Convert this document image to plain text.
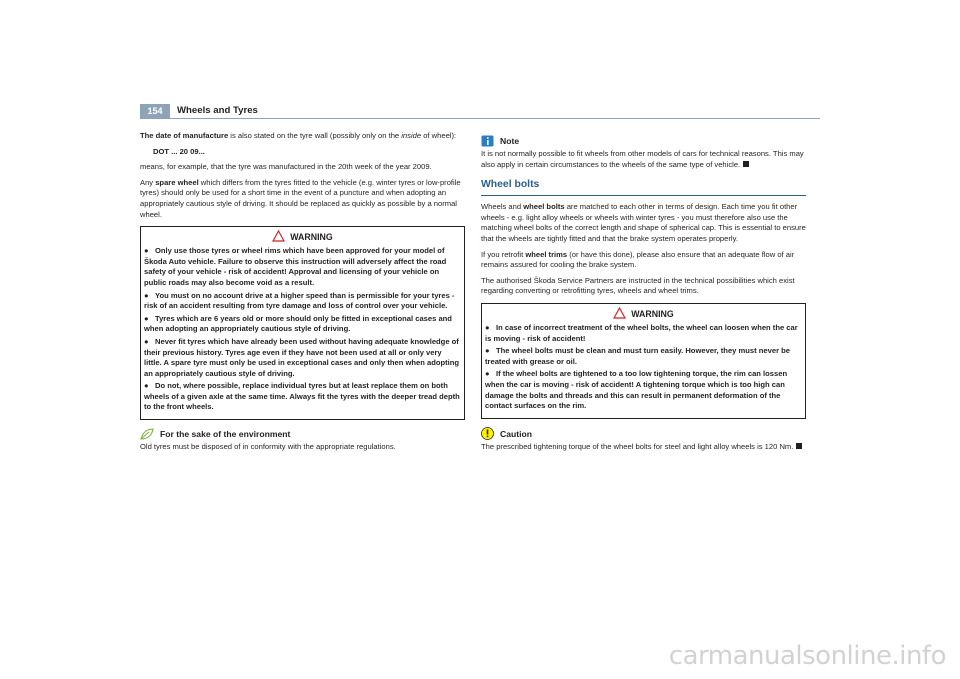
154	Wheels and Tyres

The date of manufacture is also stated on the tyre wall (possibly only on the inside of wheel):

DOT ... 20 09...

means, for example, that the tyre was manufactured in the 20th week of the year 2009.

Any spare wheel which differs from the tyres fitted to the vehicle (e.g. winter tyres or low-profile tyres) should only be used for a short time in the event of a puncture and when adopting an appropriately cautious style of driving. It should be replaced as quickly as possible by a normal wheel.

WARNING

● Only use those tyres or wheel rims which have been approved for your model of Škoda Auto vehicle. Failure to observe this instruction will adversely affect the road safety of your vehicle - risk of accident! Approval and licensing of your vehicle on public roads may also become void as a result.

● You must on no account drive at a higher speed than is permissible for your tyres - risk of an accident resulting from tyre damage and loss of control over your vehicle.

● Tyres which are 6 years old or more should only be fitted in exceptional cases and when adopting an appropriately cautious style of driving.

● Never fit tyres which have already been used without having adequate knowledge of their previous history. Tyres age even if they have not been used at all or only very little. A spare tyre must only be used in exceptional cases and only then when adopting an appropriately cautious style of driving.

● Do not, where possible, replace individual tyres but at least replace them on both wheels of a given axle at the same time. Always fit the tyres with the deeper tread depth to the front wheels.

For the sake of the environment

Old tyres must be disposed of in conformity with the appropriate regulations.

Note

It is not normally possible to fit wheels from other models of cars for technical reasons. This may also apply in certain circumstances to the wheels of the same type of vehicle.

Wheel bolts

Wheels and wheel bolts are matched to each other in terms of design. Each time you fit other wheels - e.g. light alloy wheels or wheels with winter tyres - you must therefore also use the matching wheel bolts of the correct length and shape of spherical cap. This is essential to ensure that the wheels are tightly fitted and that the brake system operates properly.

If you retrofit wheel trims (or have this done), please also ensure that an adequate flow of air remains assured for cooling the brake system.

The authorised Škoda Service Partners are instructed in the technical possibilities which exist regarding converting or retrofitting tyres, wheels and wheel trims.

WARNING

● In case of incorrect treatment of the wheel bolts, the wheel can loosen when the car is moving - risk of accident!

● The wheel bolts must be clean and must turn easily. However, they must never be treated with grease or oil.

● If the wheel bolts are tightened to a too low tightening torque, the rim can lossen when the car is moving - risk of accident! A tightening torque which is too high can damage the bolts and threads and this can result in permanent deformation of the contact surfaces on the rim.

Caution

The prescribed tightening torque of the wheel bolts for steel and light alloy wheels is 120 Nm.

carmanualsonline.info
